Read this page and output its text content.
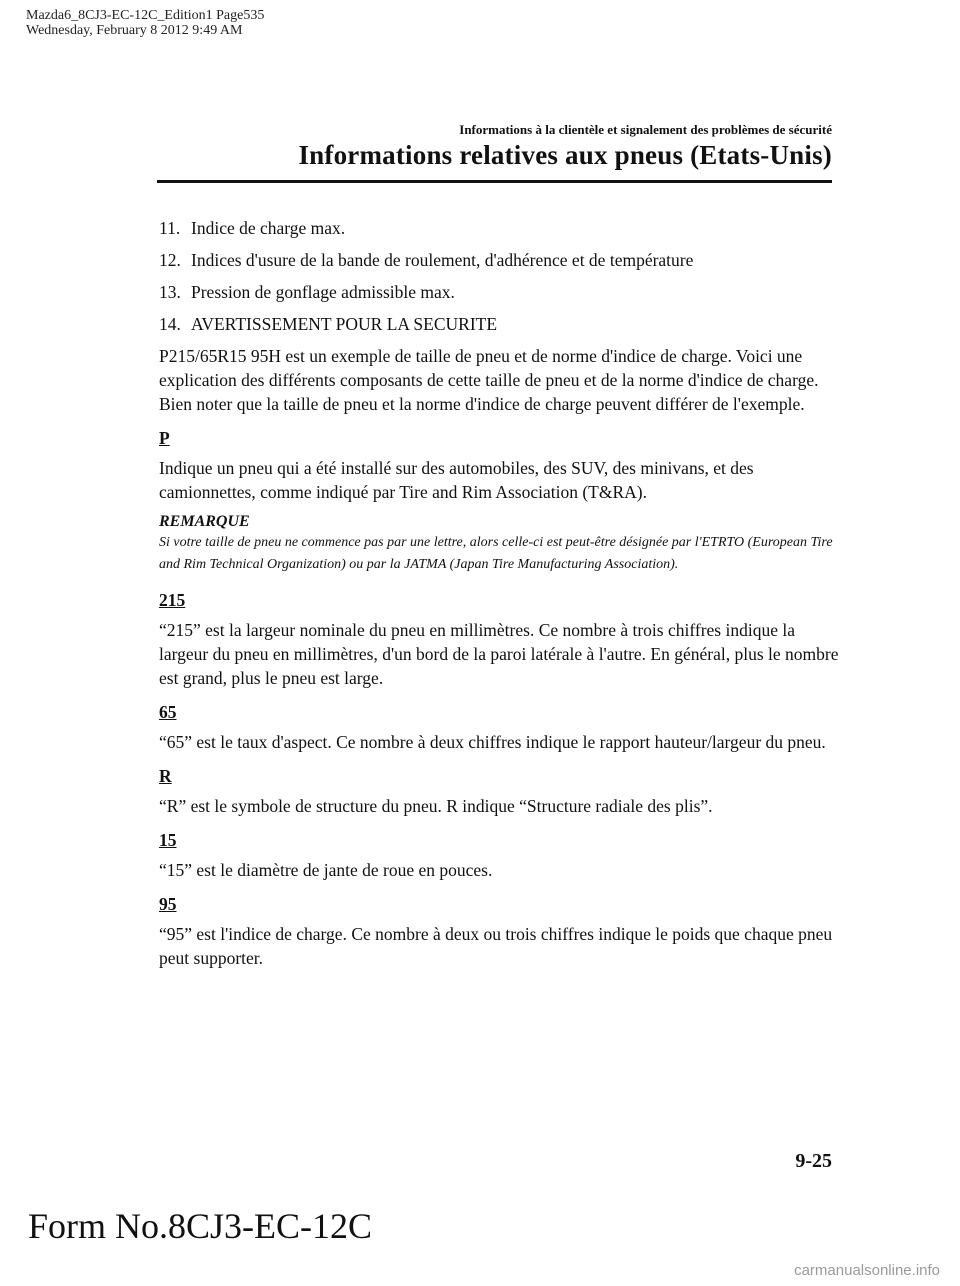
Mazda6_8CJ3-EC-12C_Edition1 Page535
Wednesday, February 8 2012 9:49 AM
Informations à la clientèle et signalement des problèmes de sécurité
Informations relatives aux pneus (Etats-Unis)
11. Indice de charge max.
12. Indices d'usure de la bande de roulement, d'adhérence et de température
13. Pression de gonflage admissible max.
14. AVERTISSEMENT POUR LA SECURITE

P215/65R15 95H est un exemple de taille de pneu et de norme d'indice de charge. Voici une explication des différents composants de cette taille de pneu et de la norme d'indice de charge. Bien noter que la taille de pneu et la norme d'indice de charge peuvent différer de l'exemple.

P

Indique un pneu qui a été installé sur des automobiles, des SUV, des minivans, et des camionnettes, comme indiqué par Tire and Rim Association (T&RA).

REMARQUE
Si votre taille de pneu ne commence pas par une lettre, alors celle-ci est peut-être désignée par l'ETRTO (European Tire and Rim Technical Organization) ou par la JATMA (Japan Tire Manufacturing Association).
215

“215” est la largeur nominale du pneu en millimètres. Ce nombre à trois chiffres indique la largeur du pneu en millimètres, d'un bord de la paroi latérale à l'autre. En général, plus le nombre est grand, plus le pneu est large.

65

“65” est le taux d'aspect. Ce nombre à deux chiffres indique le rapport hauteur/largeur du pneu.

R

“R” est le symbole de structure du pneu. R indique “Structure radiale des plis”.

15

“15” est le diamètre de jante de roue en pouces.

95

“95” est l'indice de charge. Ce nombre à deux ou trois chiffres indique le poids que chaque pneu peut supporter.

9-25
Form No.8CJ3-EC-12C
carmanualsonline.info
